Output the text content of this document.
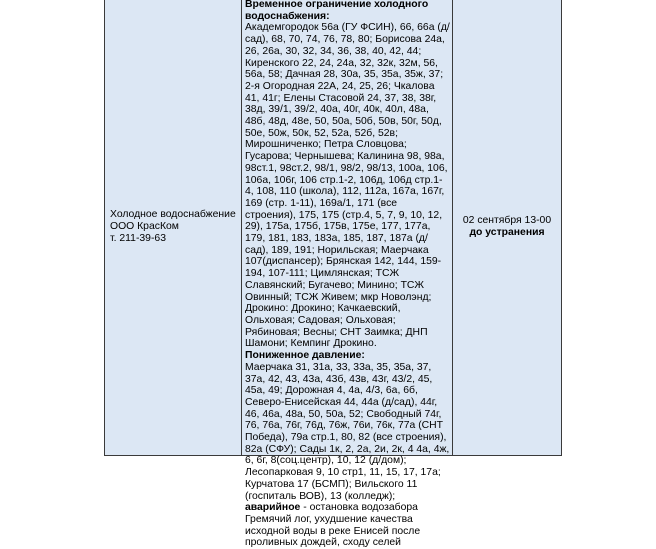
Холодное водоснабжение
ООО КрасКом
т. 211-39-63

Временное ограничение холодного водоснабжения:
Академгородок 56а (ГУ ФСИН), 66, 66а (д/сад), 68, 70, 74, 76, 78, 80; Борисова 24а, 26, 26а, 30, 32, 34, 36, 38, 40, 42, 44; Киренского 22, 24, 24а, 32, 32к, 32м, 56, 56а, 58; Дачная 28, 30а, 35, 35а, 35ж, 37; 2-я Огородная 22А, 24, 25, 26; Чкалова 41, 41г; Елены Стасовой 24, 37, 38, 38г, 38д, 39/1, 39/2, 40а, 40г, 40к, 40л, 48а, 48б, 48д, 48е, 50, 50а, 50б, 50в, 50г, 50д, 50е, 50ж, 50к, 52, 52а, 52б, 52в; Мирошниченко; Петра Словцова; Гусарова; Чернышева; Калинина 98, 98а, 98ст.1, 98ст.2, 98/1, 98/2, 98/13, 100а, 106, 106а, 106г, 106 стр.1-2, 106д, 106д стр.1-4, 108, 110 (школа), 112, 112а, 167а, 167г, 169 (стр. 1-11), 169а/1, 171 (все строения), 175, 175 (стр.4, 5, 7, 9, 10, 12, 29), 175а, 175б, 175в, 175е, 177, 177а, 179, 181, 183, 183а, 185, 187, 187а (д/сад), 189, 191; Норильская; Маерчака 107(диспансер); Брянская 142, 144, 159-194, 107-111; Цимлянская; ТСЖ Славянский; Бугачево; Минино; ТСЖ Овинный; ТСЖ Живем; мкр Новолэнд; Дрокино: Дрокино; Качкаевский, Ольховая; Садовая; Ольховая; Рябиновая; Весны; СНТ Заимка; ДНП Шамони; Кемпинг Дрокино.
Пониженное давление:
Маерчака 31, 31а, 33, 33а, 35, 35а, 37, 37а, 42, 43, 43а, 43б, 43в, 43г, 43/2, 45, 45а, 49; Дорожная 4, 4а, 4/3, 6а, 6б, Северо-Енисейская 44, 44а (д/сад), 44г, 46, 46а, 48а, 50, 50а, 52; Свободный 74г, 76, 76а, 76г, 76д, 76ж, 76и, 76к, 77а (СНТ Победа), 79а стр.1, 80, 82 (все строения), 82а (СФУ); Сады 1к, 2, 2а, 2и, 2к, 4 4а, 4ж, 6, 6г, 8(соц.центр), 10, 12 (д/дом); Лесопарковая 9, 10 стр1, 11, 15, 17, 17а; Курчатова 17 (БСМП); Вильского 11 (госпиталь ВОВ), 13 (колледж);
аварийное - остановка водозабора Гремячий лог, ухудшение качества исходной воды в реке Енисей после проливных дождей, сходу селей

02 сентября 13-00
до устранения
